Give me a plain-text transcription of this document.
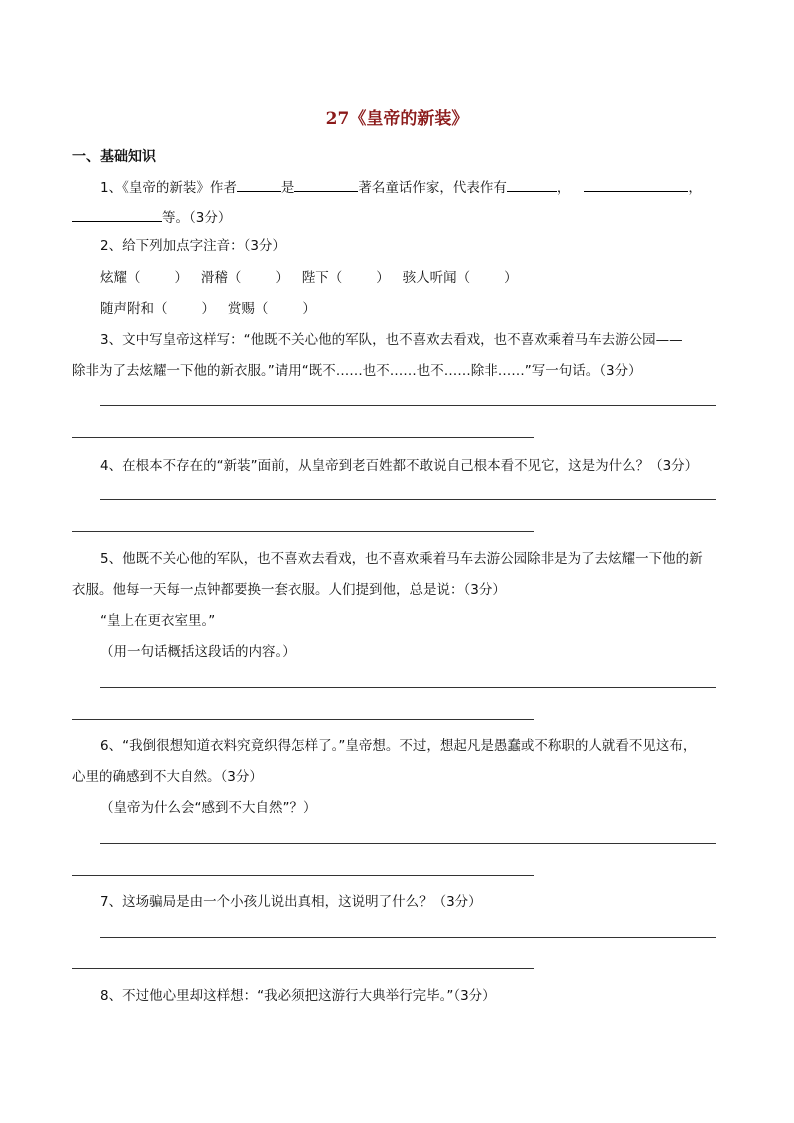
27《皇帝的新装》
一、基础知识
1、《皇帝的新装》作者	是	著名童话作家，代表作有	，	，
等。（3分）
2、给下列加点字注音：（3分）
炫耀（	） 滑稽（	） 陛下（	） 骇人听闻（	）
随声附和（	） 赏赐（	）
3、文中写皇帝这样写：“他既不关心他的军队，也不喜欢去看戏，也不喜欢乘着马车去游公园——
除非为了去炫耀一下他的新衣服。”请用“既不……也不……也不……除非……”写一句话。（3分）
4、在根本不存在的“新装”面前，从皇帝到老百姓都不敢说自己根本看不见它，这是为什么？（3分）
5、他既不关心他的军队，也不喜欢去看戏，也不喜欢乘着马车去游公园除非是为了去炫耀一下他的新
衣服。他每一天每一点钟都要换一套衣服。人们提到他，总是说：（3分）
“皇上在更衣室里。”
（用一句话概括这段话的内容。）
6、“我倒很想知道衣料究竟织得怎样了。”皇帝想。不过，想起凡是愚蠢或不称职的人就看不见这布，
心里的确感到不大自然。（3分）
（皇帝为什么会“感到不大自然”？）
7、这场骗局是由一个小孩儿说出真相，这说明了什么？（3分）
8、不过他心里却这样想：“我必须把这游行大典举行完毕。”（3分）
